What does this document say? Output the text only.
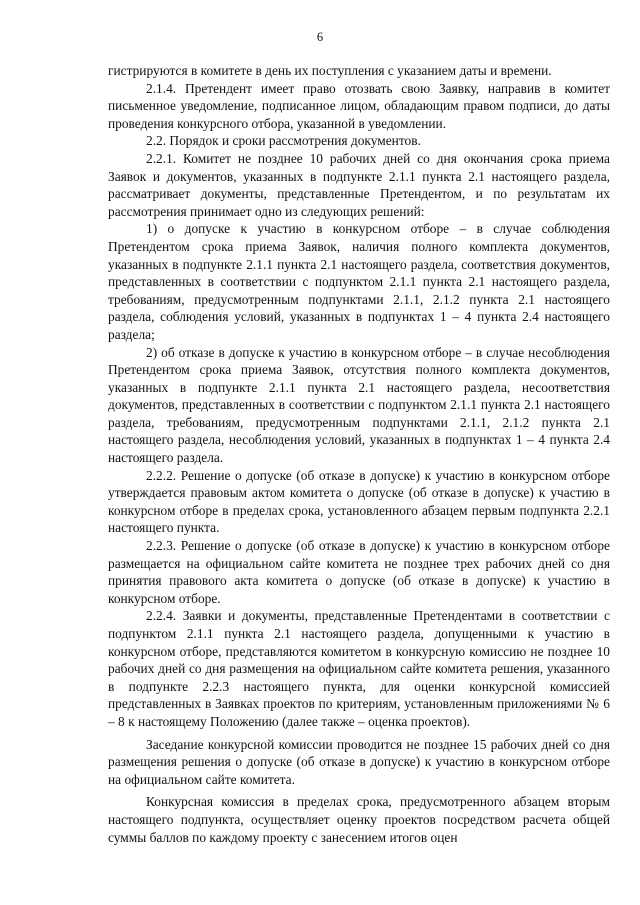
6

гистрируются в комитете в день их поступления с указанием даты и времени.

2.1.4. Претендент имеет право отозвать свою Заявку, направив в комитет письменное уведомление, подписанное лицом, обладающим правом подписи, до даты проведения конкурсного отбора, указанной в уведомлении.

2.2. Порядок и сроки рассмотрения документов.

2.2.1. Комитет не позднее 10 рабочих дней со дня окончания срока приема Заявок и документов, указанных в подпункте 2.1.1 пункта 2.1 настоящего раздела, рассматривает документы, представленные Претендентом, и по результатам их рассмотрения принимает одно из следующих решений:

1) о допуске к участию в конкурсном отборе – в случае соблюдения Претендентом срока приема Заявок, наличия полного комплекта документов, указанных в подпункте 2.1.1 пункта 2.1 настоящего раздела, соответствия документов, представленных в соответствии с подпунктом 2.1.1 пункта 2.1 настоящего раздела, требованиям, предусмотренным подпунктами 2.1.1, 2.1.2 пункта 2.1 настоящего раздела, соблюдения условий, указанных в подпунктах 1 – 4 пункта 2.4 настоящего раздела;

2) об отказе в допуске к участию в конкурсном отборе – в случае несоблюдения Претендентом срока приема Заявок, отсутствия полного комплекта документов, указанных в подпункте 2.1.1 пункта 2.1 настоящего раздела, несоответствия документов, представленных в соответствии с подпунктом 2.1.1 пункта 2.1 настоящего раздела, требованиям, предусмотренным подпунктами 2.1.1, 2.1.2 пункта 2.1 настоящего раздела, несоблюдения условий, указанных в подпунктах 1 – 4 пункта 2.4 настоящего раздела.

2.2.2. Решение о допуске (об отказе в допуске) к участию в конкурсном отборе утверждается правовым актом комитета о допуске (об отказе в допуске) к участию в конкурсном отборе в пределах срока, установленного абзацем первым подпункта 2.2.1 настоящего пункта.

2.2.3. Решение о допуске (об отказе в допуске) к участию в конкурсном отборе размещается на официальном сайте комитета не позднее трех рабочих дней со дня принятия правового акта комитета о допуске (об отказе в допуске) к участию в конкурсном отборе.

2.2.4. Заявки и документы, представленные Претендентами в соответствии с подпунктом 2.1.1 пункта 2.1 настоящего раздела, допущенными к участию в конкурсном отборе, представляются комитетом в конкурсную комиссию не позднее 10 рабочих дней со дня размещения на официальном сайте комитета решения, указанного в подпункте 2.2.3 настоящего пункта, для оценки конкурсной комиссией представленных в Заявках проектов по критериям, установленным приложениями № 6 – 8 к настоящему Положению (далее также – оценка проектов).

Заседание конкурсной комиссии проводится не позднее 15 рабочих дней со дня размещения решения о допуске (об отказе в допуске) к участию в конкурсном отборе на официальном сайте комитета.

Конкурсная комиссия в пределах срока, предусмотренного абзацем вторым настоящего подпункта, осуществляет оценку проектов посредством расчета общей суммы баллов по каждому проекту с занесением итогов оцен
